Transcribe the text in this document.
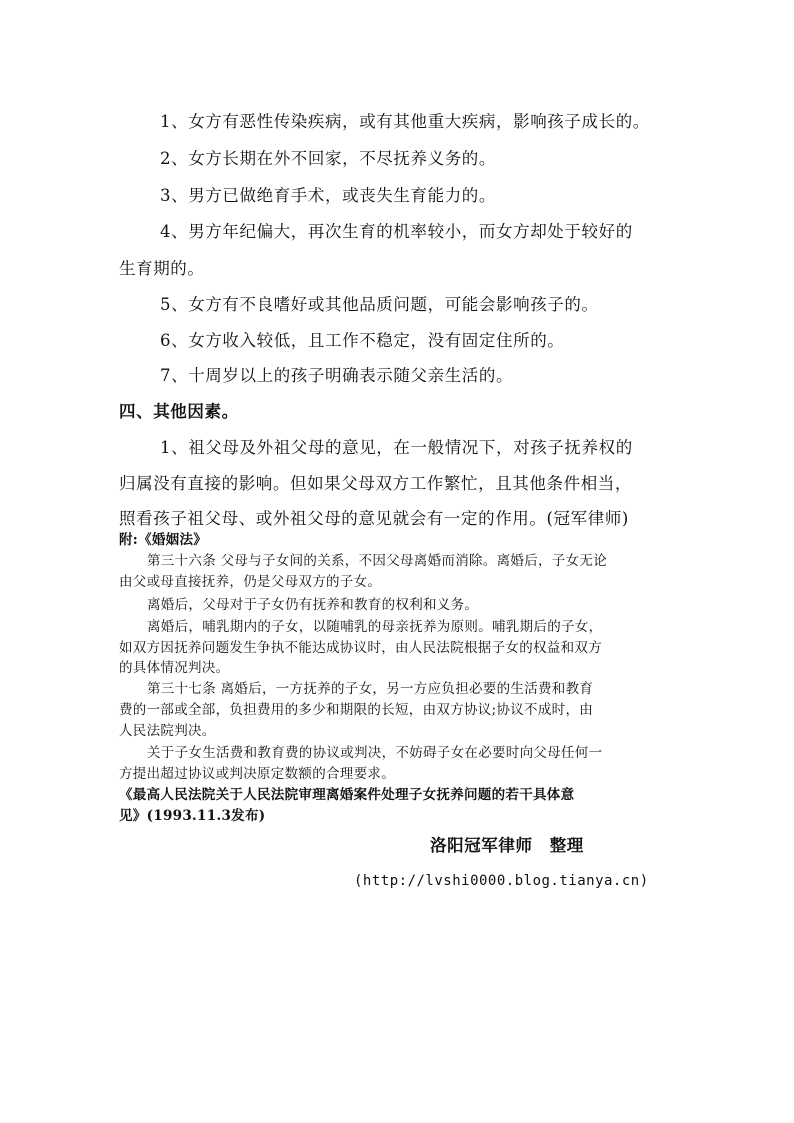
1、女方有恶性传染疾病，或有其他重大疾病，影响孩子成长的。
2、女方长期在外不回家，不尽抚养义务的。
3、男方已做绝育手术，或丧失生育能力的。
4、男方年纪偏大，再次生育的机率较小，而女方却处于较好的
生育期的。
5、女方有不良嗜好或其他品质问题，可能会影响孩子的。
6、女方收入较低，且工作不稳定，没有固定住所的。
7、十周岁以上的孩子明确表示随父亲生活的。
四、其他因素。
1、祖父母及外祖父母的意见，在一般情况下，对孩子抚养权的
归属没有直接的影响。但如果父母双方工作繁忙，且其他条件相当，
照看孩子祖父母、或外祖父母的意见就会有一定的作用。(冠军律师)
附:《婚姻法》
第三十六条 父母与子女间的关系，不因父母离婚而消除。离婚后，子女无论
由父或母直接抚养，仍是父母双方的子女。
离婚后，父母对于子女仍有抚养和教育的权利和义务。
离婚后，哺乳期内的子女，以随哺乳的母亲抚养为原则。哺乳期后的子女，
如双方因抚养问题发生争执不能达成协议时，由人民法院根据子女的权益和双方
的具体情况判决。
第三十七条 离婚后，一方抚养的子女，另一方应负担必要的生活费和教育
费的一部或全部，负担费用的多少和期限的长短，由双方协议;协议不成时，由
人民法院判决。
关于子女生活费和教育费的协议或判决，不妨碍子女在必要时向父母任何一
方提出超过协议或判决原定数额的合理要求。
《最高人民法院关于人民法院审理离婚案件处理子女抚养问题的若干具体意
见》(1993.11.3发布)
洛阳冠军律师　整理
(http://lvshi0000.blog.tianya.cn)
